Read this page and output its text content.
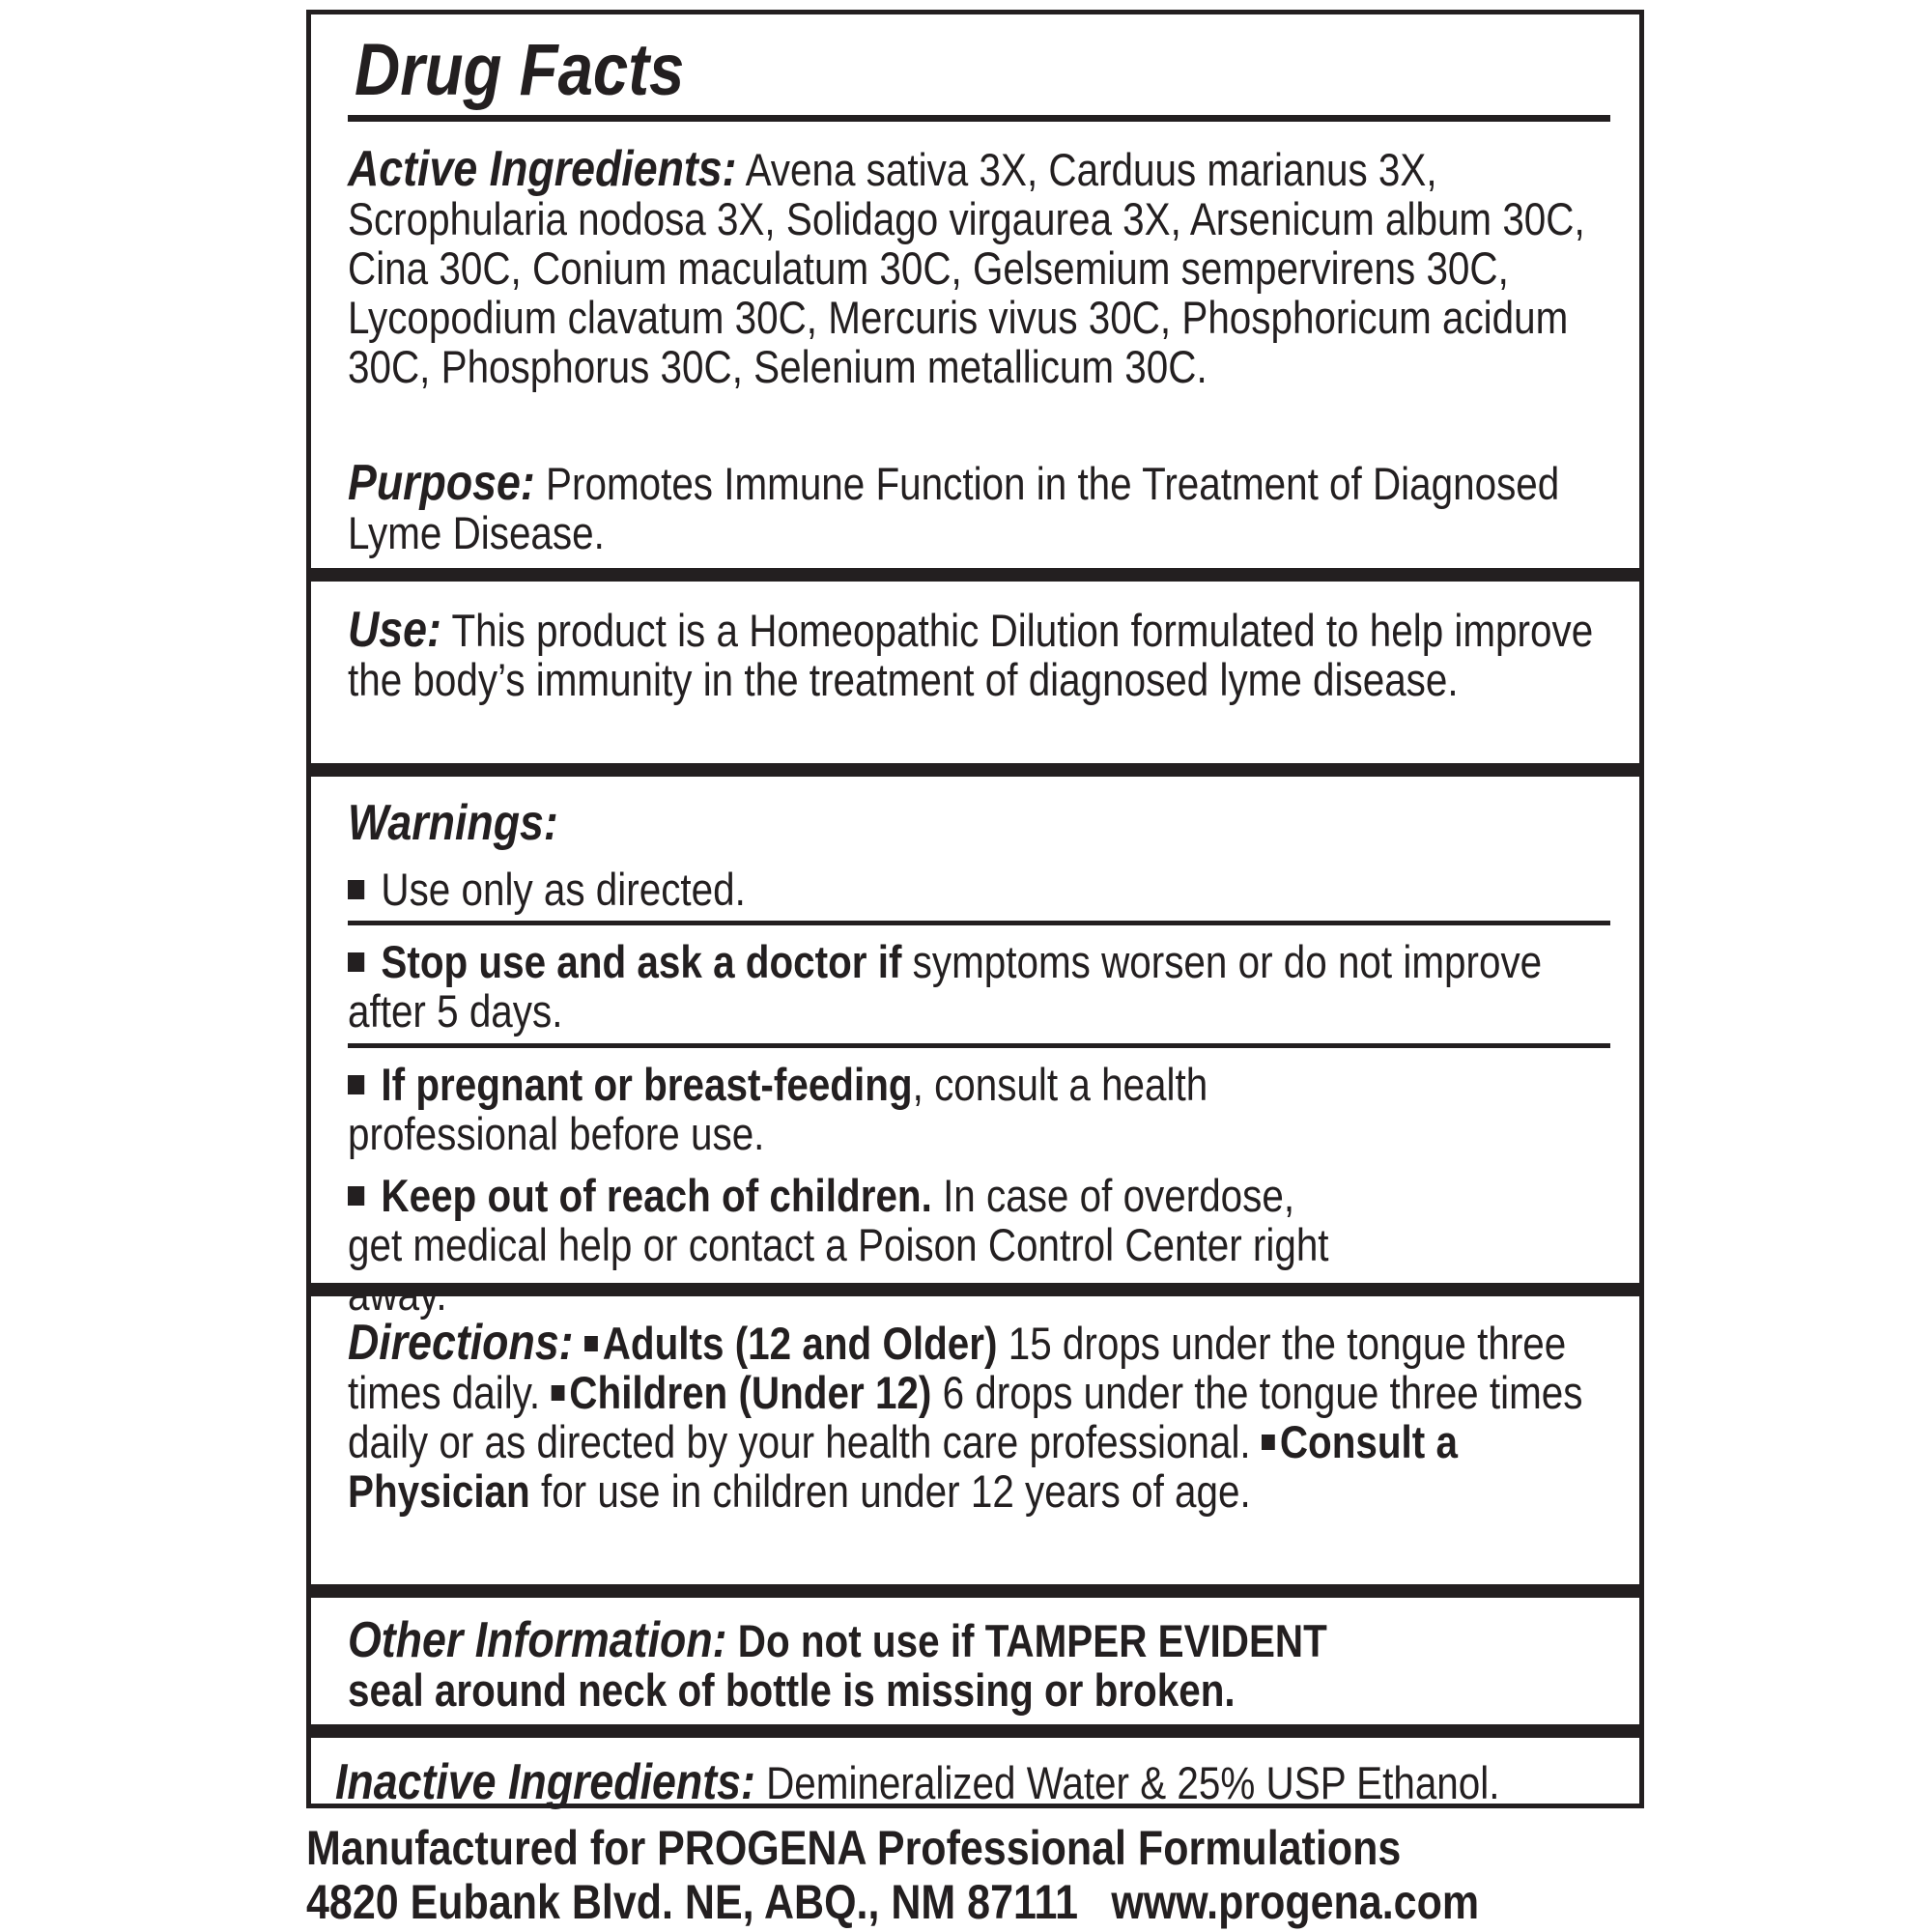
Drug Facts
Active Ingredients: Avena sativa 3X, Carduus marianus 3X, Scrophularia nodosa 3X, Solidago virgaurea 3X, Arsenicum album 30C, Cina 30C, Conium maculatum 30C, Gelsemium sempervirens 30C, Lycopodium clavatum 30C, Mercuris vivus 30C, Phosphoricum acidum 30C, Phosphorus 30C, Selenium metallicum 30C.
Purpose: Promotes Immune Function in the Treatment of Diagnosed Lyme Disease.
Use: This product is a Homeopathic Dilution formulated to help improve the body’s immunity in the treatment of diagnosed lyme disease.
Warnings:
Use only as directed.
Stop use and ask a doctor if symptoms worsen or do not improve after 5 days.
If pregnant or breast-feeding, consult a health professional before use.
Keep out of reach of children. In case of overdose, get medical help or contact a Poison Control Center right
Directions: Adults (12 and Older) 15 drops under the tongue three times daily. Children (Under 12) 6 drops under the tongue three times daily or as directed by your health care professional. Consult a Physician for use in children under 12 years of age.
Other Information: Do not use if TAMPER EVIDENT seal around neck of bottle is missing or broken.
Inactive Ingredients: Demineralized Water & 25% USP Ethanol.
Manufactured for PROGENA Professional Formulations
4820 Eubank Blvd. NE, ABQ., NM 87111 www.progena.com
